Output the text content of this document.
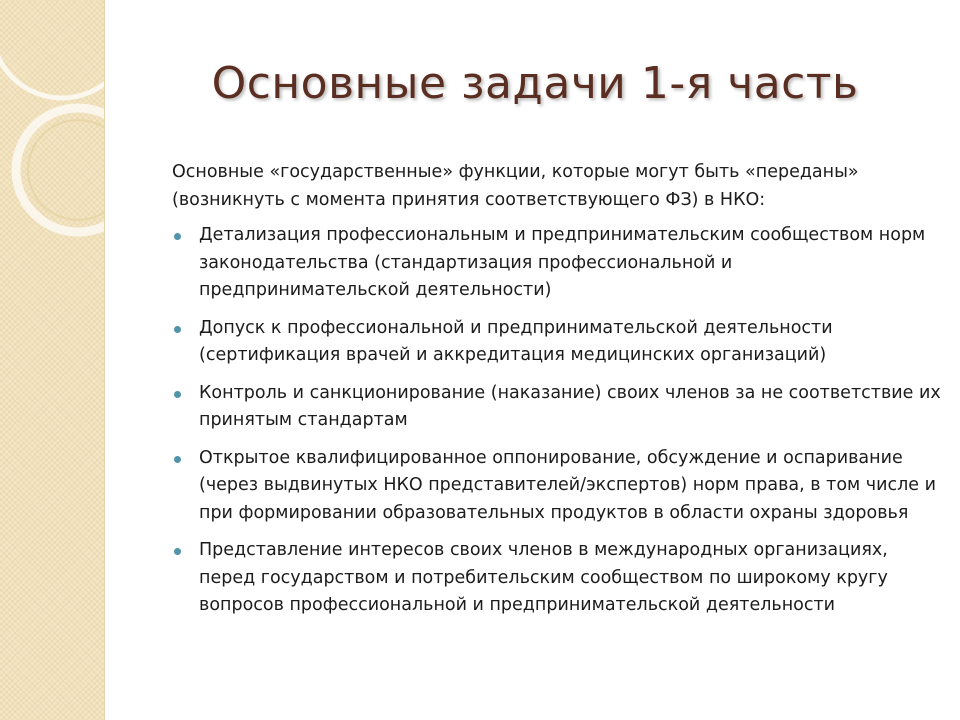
Основные задачи 1-я часть
Основные «государственные» функции, которые могут быть «переданы» (возникнуть с момента принятия соответствующего ФЗ) в НКО:
Детализация профессиональным и предпринимательским сообществом норм законодательства (стандартизация профессиональной и предпринимательской деятельности)
Допуск к профессиональной и предпринимательской деятельности (сертификация врачей и аккредитация медицинских организаций)
Контроль и санкционирование (наказание) своих членов за не соответствие их принятым стандартам
Открытое квалифицированное оппонирование, обсуждение и оспаривание (через выдвинутых НКО представителей/экспертов) норм права, в том числе и при формировании образовательных продуктов в области охраны здоровья
Представление интересов своих членов в международных организациях, перед государством и потребительским сообществом по широкому кругу вопросов профессиональной и предпринимательской деятельности
